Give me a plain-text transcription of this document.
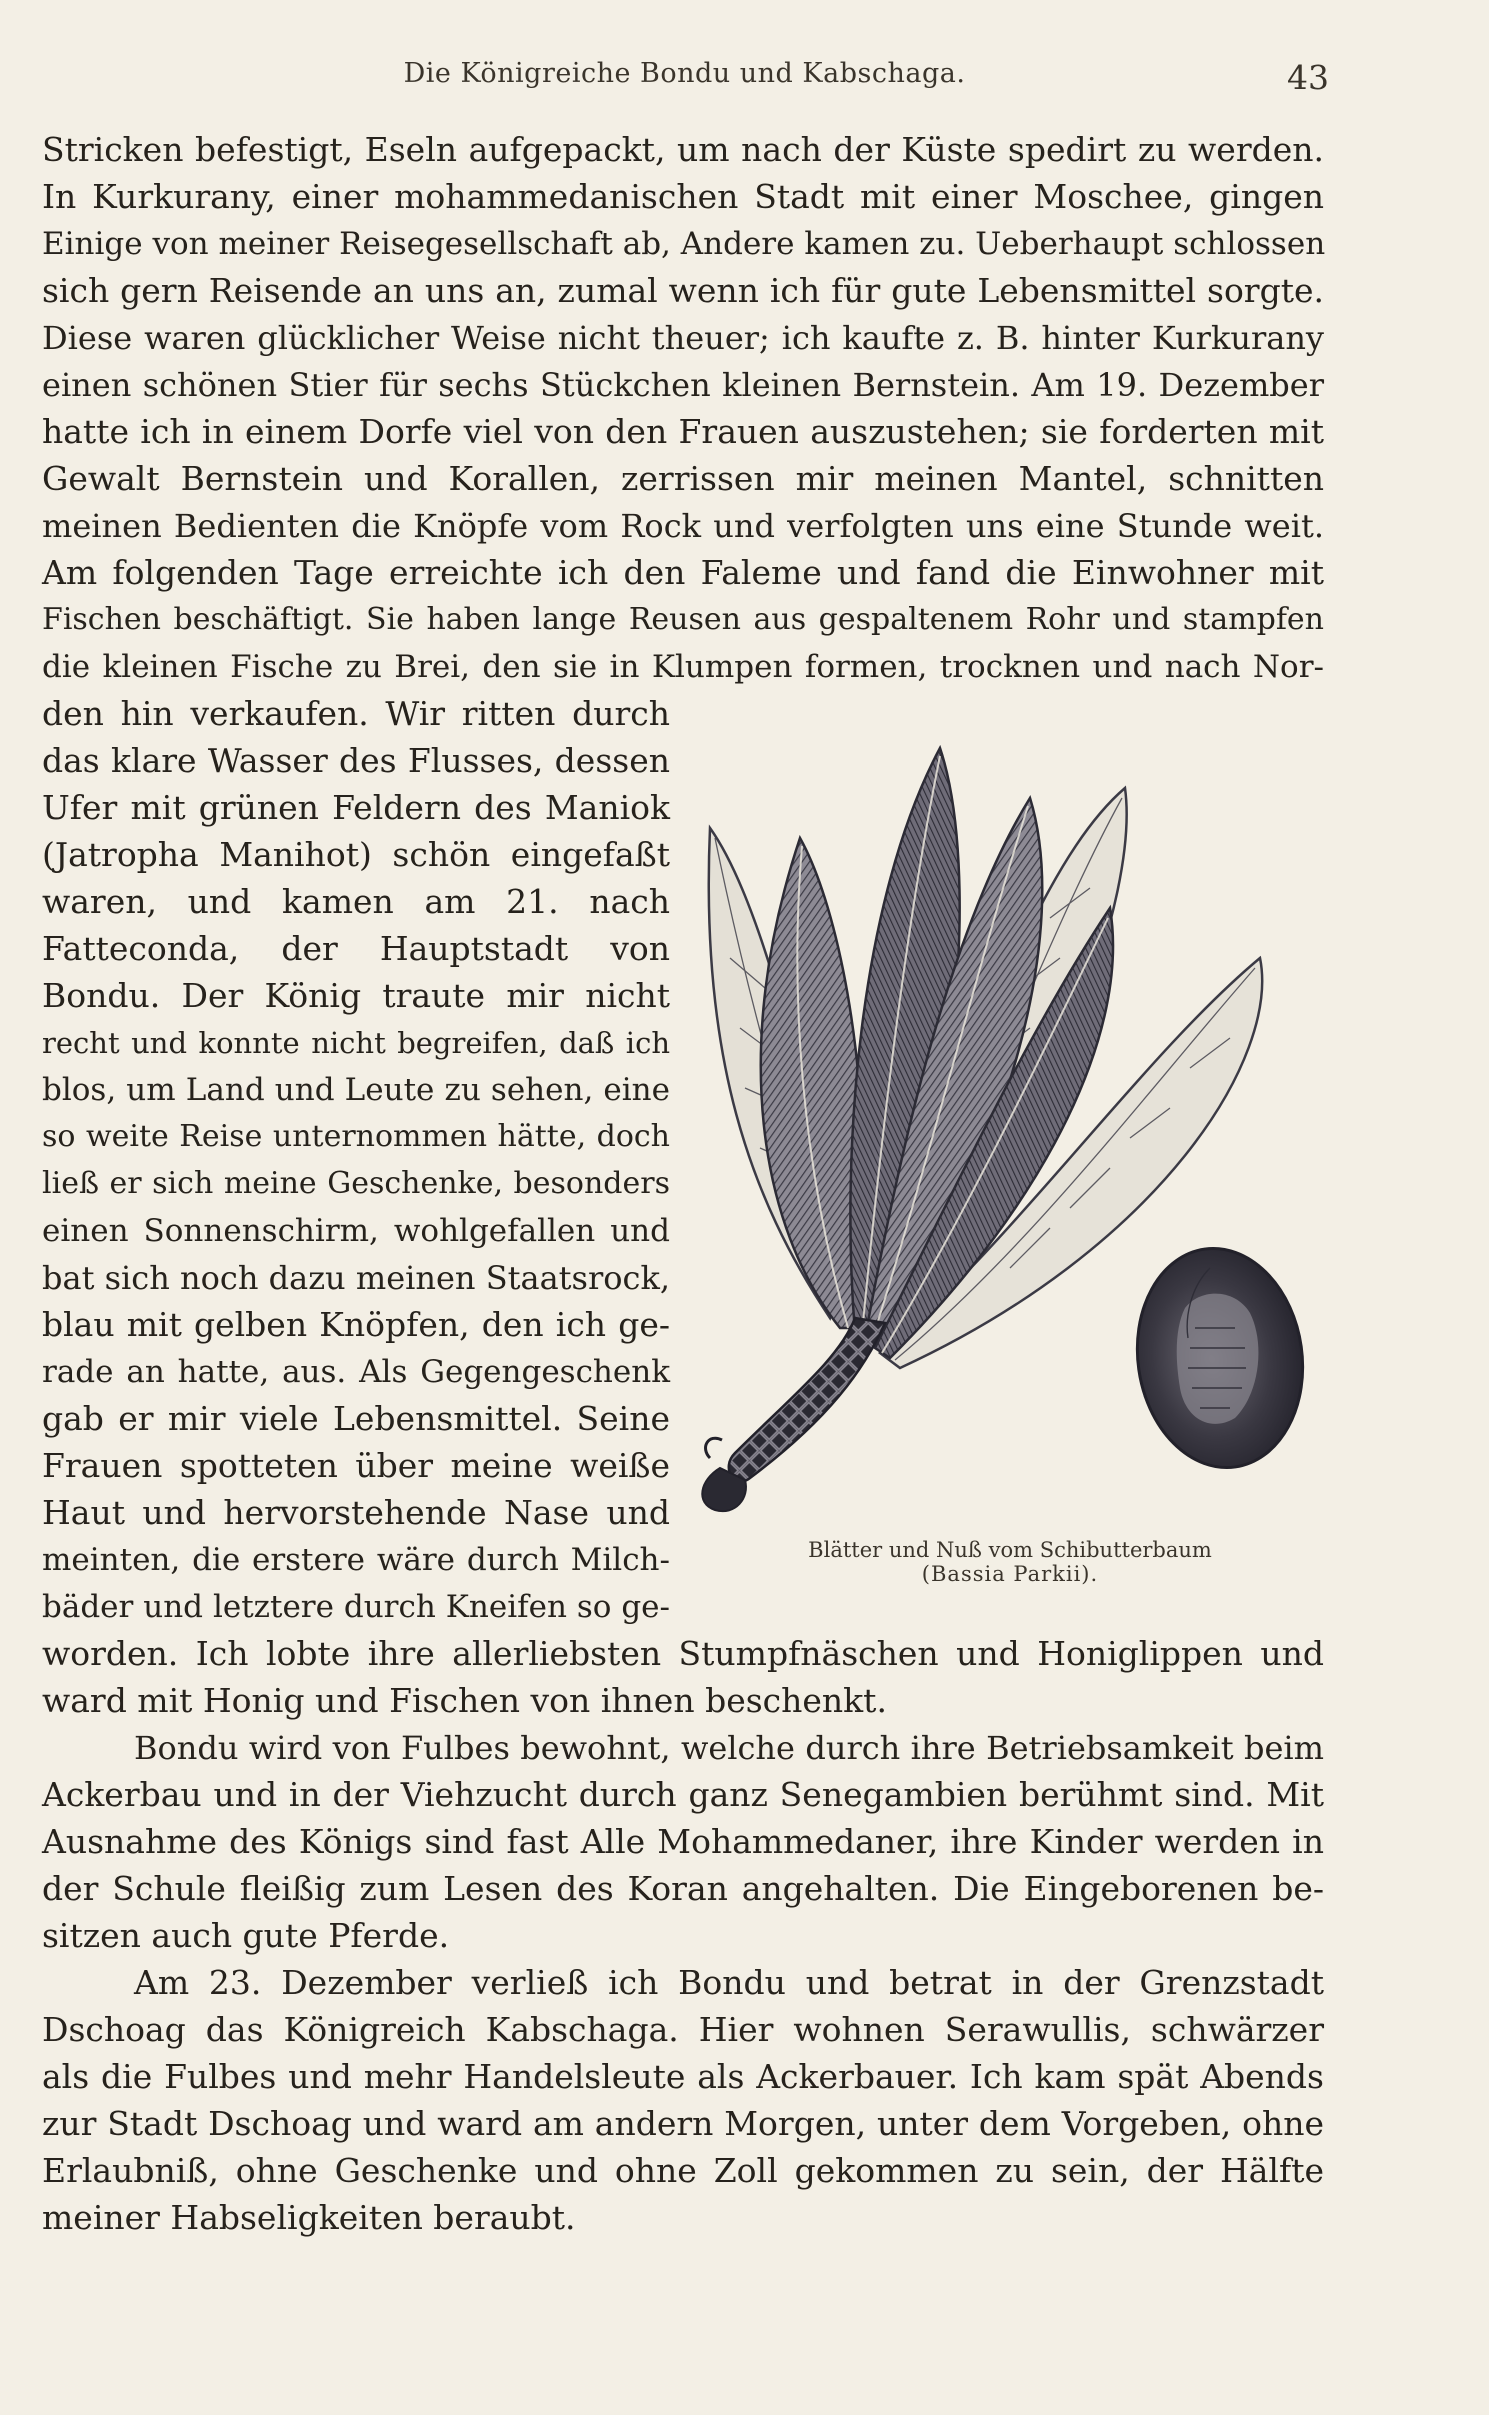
Die Königreiche Bondu und Kabschaga.	43
Stricken befestigt, Eseln aufgepackt, um nach der Küste spedirt zu werden.
In Kurkurany, einer mohammedanischen Stadt mit einer Moschee, gingen
Einige von meiner Reisegesellschaft ab, Andere kamen zu. Ueberhaupt schlossen
sich gern Reisende an uns an, zumal wenn ich für gute Lebensmittel sorgte.
Diese waren glücklicher Weise nicht theuer; ich kaufte z. B. hinter Kurkurany
einen schönen Stier für sechs Stückchen kleinen Bernstein. Am 19. Dezember
hatte ich in einem Dorfe viel von den Frauen auszustehen; sie forderten mit
Gewalt Bernstein und Korallen, zerrissen mir meinen Mantel, schnitten
meinen Bedienten die Knöpfe vom Rock und verfolgten uns eine Stunde weit.
Am folgenden Tage erreichte ich den Faleme und fand die Einwohner mit
Fischen beschäftigt. Sie haben lange Reusen aus gespaltenem Rohr und stampfen
die kleinen Fische zu Brei, den sie in Klumpen formen, trocknen und nach Nor-
den hin verkaufen. Wir ritten durch
das klare Wasser des Flusses, dessen
Ufer mit grünen Feldern des Maniok
(Jatropha Manihot) schön eingefaßt
waren, und kamen am 21. nach
Fatteconda, der Hauptstadt von
Bondu. Der König traute mir nicht
recht und konnte nicht begreifen, daß ich
blos, um Land und Leute zu sehen, eine
so weite Reise unternommen hätte, doch
ließ er sich meine Geschenke, besonders
einen Sonnenschirm, wohlgefallen und
bat sich noch dazu meinen Staatsrock,
blau mit gelben Knöpfen, den ich ge-
rade an hatte, aus. Als Gegengeschenk
gab er mir viele Lebensmittel. Seine
Frauen spotteten über meine weiße
Haut und hervorstehende Nase und
meinten, die erstere wäre durch Milch-
bäder und letztere durch Kneifen so ge-
Blätter und Nuß vom Schibutterbaum
(Bassia Parkii).
worden. Ich lobte ihre allerliebsten Stumpfnäschen und Honiglippen und
ward mit Honig und Fischen von ihnen beschenkt.
Bondu wird von Fulbes bewohnt, welche durch ihre Betriebsamkeit beim
Ackerbau und in der Viehzucht durch ganz Senegambien berühmt sind. Mit
Ausnahme des Königs sind fast Alle Mohammedaner, ihre Kinder werden in
der Schule fleißig zum Lesen des Koran angehalten. Die Eingeborenen be-
sitzen auch gute Pferde.
Am 23. Dezember verließ ich Bondu und betrat in der Grenzstadt
Dschoag das Königreich Kabschaga. Hier wohnen Serawullis, schwärzer
als die Fulbes und mehr Handelsleute als Ackerbauer. Ich kam spät Abends
zur Stadt Dschoag und ward am andern Morgen, unter dem Vorgeben, ohne
Erlaubniß, ohne Geschenke und ohne Zoll gekommen zu sein, der Hälfte
meiner Habseligkeiten beraubt.
